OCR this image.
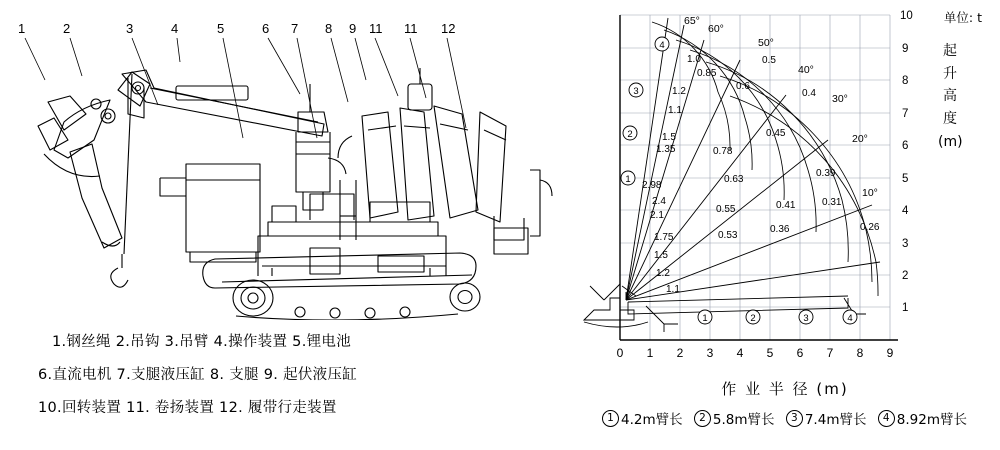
1	2	3	4	5	6 7 8 9 11 11 12
1.钢丝绳 2.吊钩 3.吊臂 4.操作装置 5.锂电池
6.直流电机 7.支腿液压缸 8. 支腿 9. 起伏液压缸
10.回转装置 11. 卷扬装置 12. 履带行走装置
单位: t
10
9
8
7
6
5
4
3
2
1
0 1 2 3 4 5 6 7 8 9
1
2
3
4
1	2	3	4
65°
60°
50°
40°
30°
20°
10°
1.0
0.85
0.5
1.2	0.6
1.1
0.4
1.5
1.35
0.45
2.98
0.78
0.39
2.4
2.1
0.63
0.31
1.75
0.41
1.5
0.55
0.26
1.2
0.36
1.1
0.53
起
升
高
度
(m)
作 业 半 径 (m)
1 4.2m臂长 2 5.8m臂长 3 7.4m臂长 4 8.92m臂长
